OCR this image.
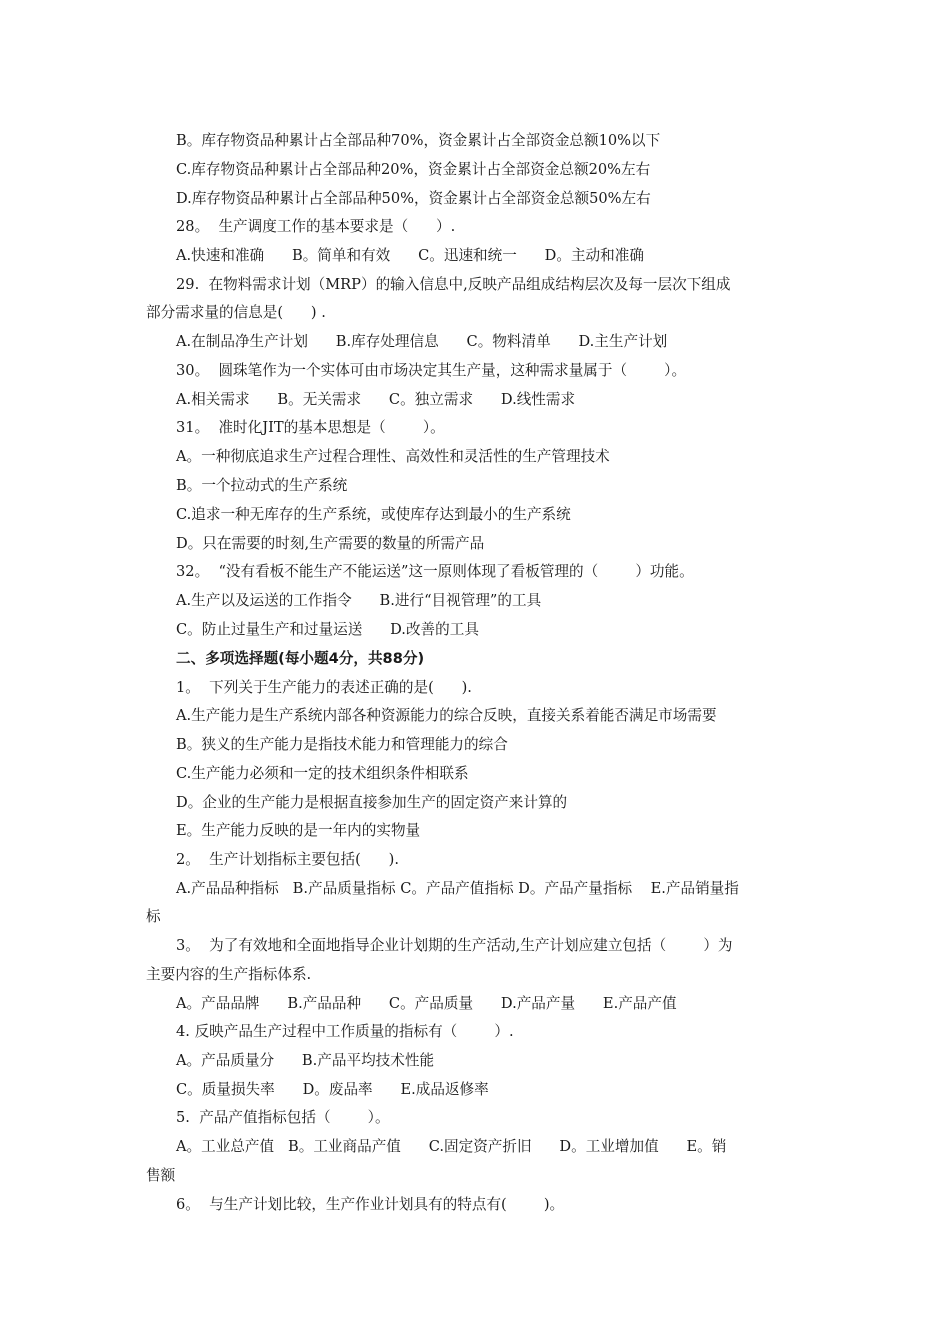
B。库存物资品种累计占全部品种70%，资金累计占全部资金总额10%以下
C.库存物资品种累计占全部品种20%，资金累计占全部资金总额20%左右
D.库存物资品种累计占全部品种50%，资金累计占全部资金总额50%左右
28。  生产调度工作的基本要求是（      ）.
A.快速和准确      B。简单和有效      C。迅速和统一      D。主动和准确
29.  在物料需求计划（MRP）的输入信息中,反映产品组成结构层次及每一层次下组成
部分需求量的信息是(      ) .
A.在制品净生产计划      B.库存处理信息      C。物料清单      D.主生产计划
30。  圆珠笔作为一个实体可由市场决定其生产量，这种需求量属于（        ）。
A.相关需求      B。无关需求      C。独立需求      D.线性需求
31。  准时化JIT的基本思想是（        ）。
A。一种彻底追求生产过程合理性、高效性和灵活性的生产管理技术
B。一个拉动式的生产系统
C.追求一种无库存的生产系统，或使库存达到最小的生产系统
D。只在需要的时刻,生产需要的数量的所需产品
32。  “没有看板不能生产不能运送”这一原则体现了看板管理的（        ）功能。
A.生产以及运送的工作指令      B.进行“目视管理”的工具
C。防止过量生产和过量运送      D.改善的工具
二、多项选择题(每小题4分，共88分)
1。  下列关于生产能力的表述正确的是(      ).
A.生产能力是生产系统内部各种资源能力的综合反映，直接关系着能否满足市场需要
B。狭义的生产能力是指技术能力和管理能力的综合
C.生产能力必须和一定的技术组织条件相联系
D。企业的生产能力是根据直接参加生产的固定资产来计算的
E。生产能力反映的是一年内的实物量
2。  生产计划指标主要包括(      ).
A.产品品种指标   B.产品质量指标 C。产品产值指标 D。产品产量指标    E.产品销量指
标
3。  为了有效地和全面地指导企业计划期的生产活动,生产计划应建立包括（        ）为
主要内容的生产指标体系.
A。产品品牌      B.产品品种      C。产品质量      D.产品产量      E.产品产值
4. 反映产品生产过程中工作质量的指标有（        ）.
A。产品质量分      B.产品平均技术性能
C。质量损失率      D。废品率      E.成品返修率
5.  产品产值指标包括（        ）。
A。工业总产值   B。工业商品产值      C.固定资产折旧      D。工业增加值      E。销
售额
6。  与生产计划比较，生产作业计划具有的特点有(        )。
